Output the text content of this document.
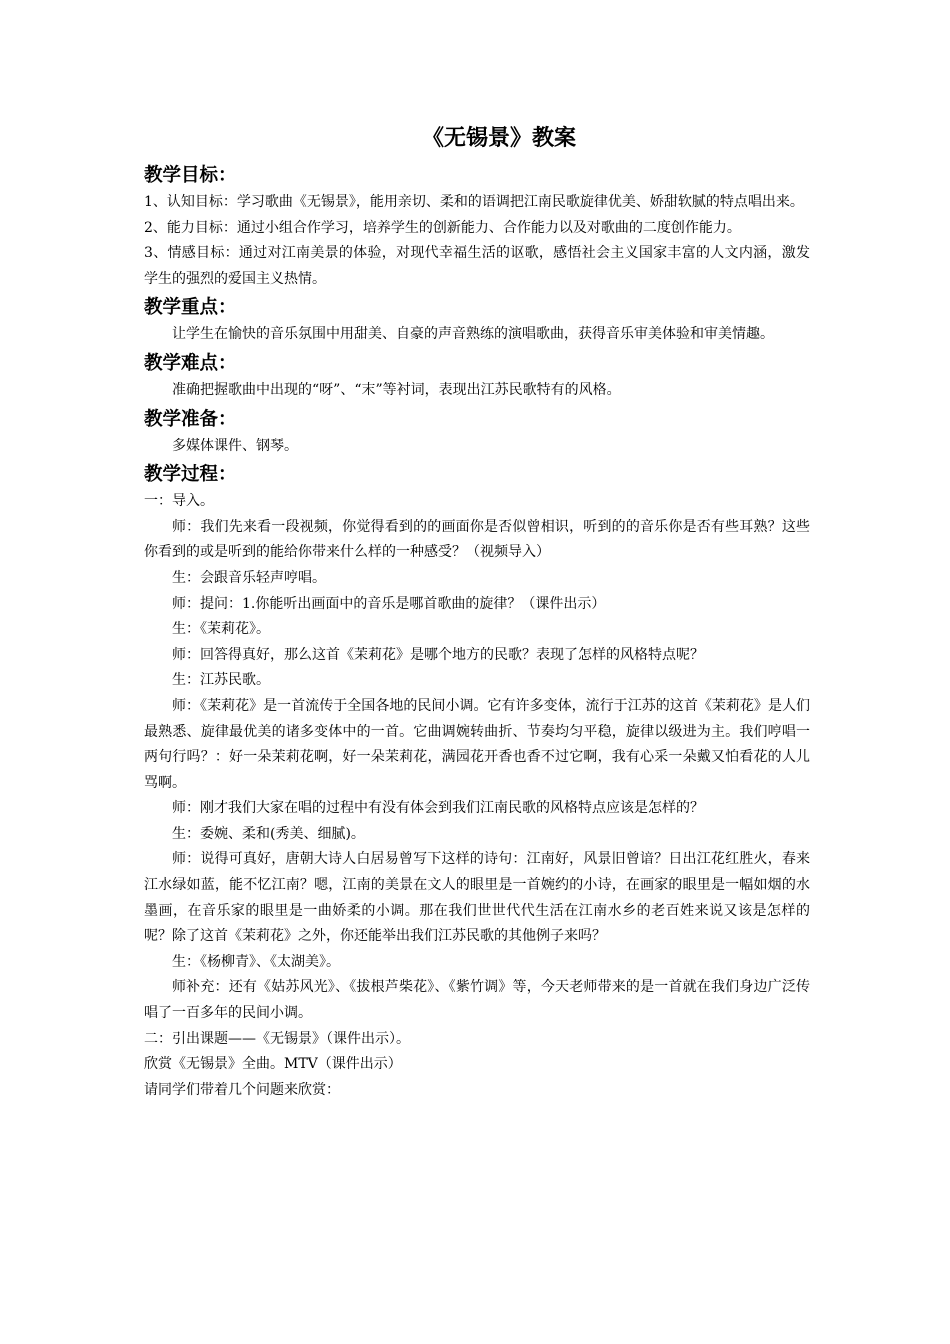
《无锡景》教案
教学目标：

1、认知目标：学习歌曲《无锡景》，能用亲切、柔和的语调把江南民歌旋律优美、娇甜软腻的特点唱出来。

2、能力目标：通过小组合作学习，培养学生的创新能力、合作能力以及对歌曲的二度创作能力。

3、情感目标：通过对江南美景的体验，对现代幸福生活的讴歌，感悟社会主义国家丰富的人文内涵，激发学生的强烈的爱国主义热情。

教学重点：

让学生在愉快的音乐氛围中用甜美、自豪的声音熟练的演唱歌曲，获得音乐审美体验和审美情趣。

教学难点：

准确把握歌曲中出现的“呀”、“末”等衬词，表现出江苏民歌特有的风格。

教学准备：

多媒体课件、钢琴。

教学过程：

一：导入。

师：我们先来看一段视频，你觉得看到的的画面你是否似曾相识，听到的的音乐你是否有些耳熟？这些你看到的或是听到的能给你带来什么样的一种感受？（视频导入）

生：会跟音乐轻声哼唱。

师：提问：1.你能听出画面中的音乐是哪首歌曲的旋律？（课件出示）

生：《茉莉花》。

师：回答得真好，那么这首《茉莉花》是哪个地方的民歌？表现了怎样的风格特点呢？

生：江苏民歌。

师：《茉莉花》是一首流传于全国各地的民间小调。它有许多变体，流行于江苏的这首《茉莉花》是人们最熟悉、旋律最优美的诸多变体中的一首。它曲调婉转曲折、节奏均匀平稳，旋律以级进为主。我们哼唱一两句行吗？：好一朵茉莉花啊，好一朵茉莉花，满园花开香也香不过它啊，我有心采一朵戴又怕看花的人儿骂啊。

师：刚才我们大家在唱的过程中有没有体会到我们江南民歌的风格特点应该是怎样的？

生：委婉、柔和(秀美、细腻)。

师：说得可真好，唐朝大诗人白居易曾写下这样的诗句：江南好，风景旧曾谙？日出江花红胜火，春来江水绿如蓝，能不忆江南？嗯，江南的美景在文人的眼里是一首婉约的小诗，在画家的眼里是一幅如烟的水墨画，在音乐家的眼里是一曲娇柔的小调。那在我们世世代代生活在江南水乡的老百姓来说又该是怎样的呢？除了这首《茉莉花》之外，你还能举出我们江苏民歌的其他例子来吗？

生：《杨柳青》、《太湖美》。

师补充：还有《姑苏风光》、《拔根芦柴花》、《紫竹调》等，今天老师带来的是一首就在我们身边广泛传唱了一百多年的民间小调。

二：引出课题——《无锡景》（课件出示）。

欣赏《无锡景》全曲。MTV（课件出示）

请同学们带着几个问题来欣赏：
